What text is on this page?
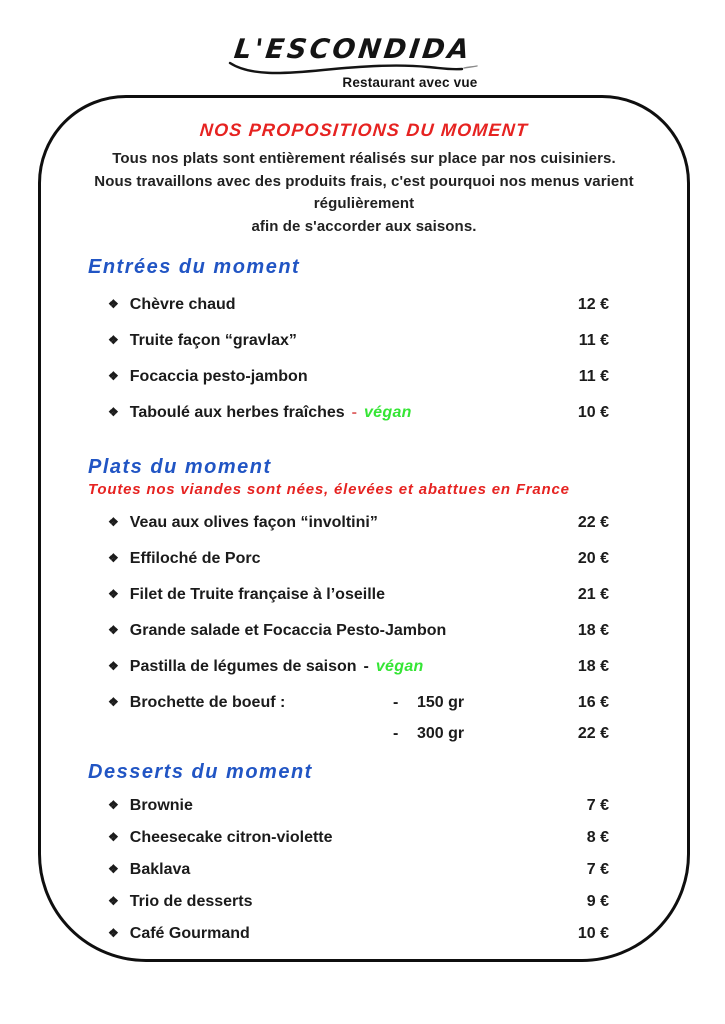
L'ESCONDIDA
Restaurant avec vue
NOS PROPOSITIONS DU MOMENT
Tous nos plats sont entièrement réalisés sur place par nos cuisiniers.
Nous travaillons avec des produits frais, c'est pourquoi nos menus varient régulièrement
afin de s'accorder aux saisons.
Entrées du moment
❖ Chèvre chaud	12 €
❖ Truite façon “gravlax”	11 €
❖ Focaccia pesto-jambon	11 €
❖ Taboulé aux herbes fraîches - végan	10 €
Plats du moment
Toutes nos viandes sont nées, élevées et abattues en France
❖ Veau aux olives façon “involtini”	22 €
❖ Effiloché de Porc	20 €
❖ Filet de Truite française à l’oseille	21 €
❖ Grande salade et Focaccia Pesto-Jambon	18 €
❖ Pastilla de légumes de saison - végan	18 €
❖ Brochette de boeuf :	-	150 gr	16 €
-	300 gr	22 €
Desserts du moment
❖ Brownie	7 €
❖ Cheesecake citron-violette	8 €
❖ Baklava	7 €
❖ Trio de desserts	9 €
❖ Café Gourmand	10 €
